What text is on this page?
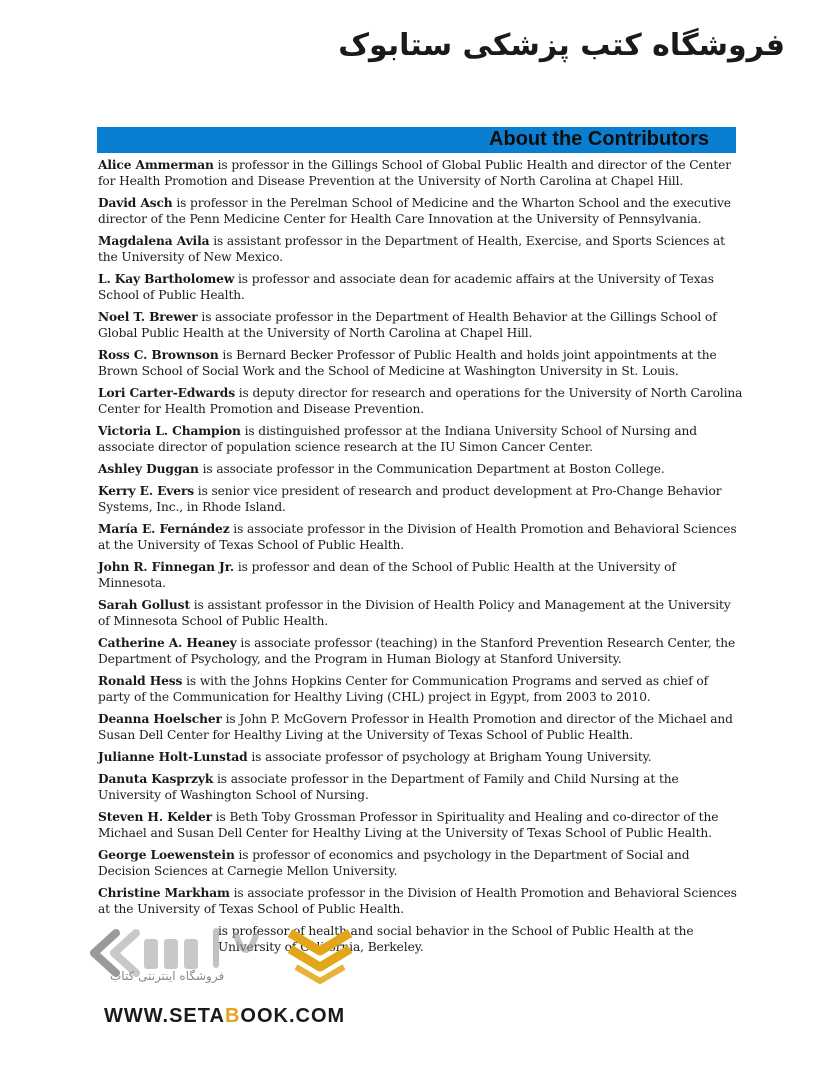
فروشگاه کتب پزشکی ستابوک
About the Contributors

Alice Ammerman is professor in the Gillings School of Global Public Health and director of the Center for Health Promotion and Disease Prevention at the University of North Carolina at Chapel Hill.

David Asch is professor in the Perelman School of Medicine and the Wharton School and the executive director of the Penn Medicine Center for Health Care Innovation at the University of Pennsylvania.

Magdalena Avila is assistant professor in the Department of Health, Exercise, and Sports Sciences at the University of New Mexico.

L. Kay Bartholomew is professor and associate dean for academic affairs at the University of Texas School of Public Health.

Noel T. Brewer is associate professor in the Department of Health Behavior at the Gillings School of Global Public Health at the University of North Carolina at Chapel Hill.

Ross C. Brownson is Bernard Becker Professor of Public Health and holds joint appointments at the Brown School of Social Work and the School of Medicine at Washington University in St. Louis.

Lori Carter-Edwards is deputy director for research and operations for the University of North Carolina Center for Health Promotion and Disease Prevention.

Victoria L. Champion is distinguished professor at the Indiana University School of Nursing and associate director of population science research at the IU Simon Cancer Center.

Ashley Duggan is associate professor in the Communication Department at Boston College.

Kerry E. Evers is senior vice president of research and product development at Pro-Change Behavior Systems, Inc., in Rhode Island.

María E. Fernández is associate professor in the Division of Health Promotion and Behavioral Sciences at the University of Texas School of Public Health.

John R. Finnegan Jr. is professor and dean of the School of Public Health at the University of Minnesota.

Sarah Gollust is assistant professor in the Division of Health Policy and Management at the University of Minnesota School of Public Health.

Catherine A. Heaney is associate professor (teaching) in the Stanford Prevention Research Center, the Department of Psychology, and the Program in Human Biology at Stanford University.

Ronald Hess is with the Johns Hopkins Center for Communication Programs and served as chief of party of the Communication for Healthy Living (CHL) project in Egypt, from 2003 to 2010.

Deanna Hoelscher is John P. McGovern Professor in Health Promotion and director of the Michael and Susan Dell Center for Healthy Living at the University of Texas School of Public Health.

Julianne Holt-Lunstad is associate professor of psychology at Brigham Young University.

Danuta Kasprzyk is associate professor in the Department of Family and Child Nursing at the University of Washington School of Nursing.

Steven H. Kelder is Beth Toby Grossman Professor in Spirituality and Healing and co-director of the Michael and Susan Dell Center for Healthy Living at the University of Texas School of Public Health.

George Loewenstein is professor of economics and psychology in the Department of Social and Decision Sciences at Carnegie Mellon University.

Christine Markham is associate professor in the Division of Health Promotion and Behavioral Sciences at the University of Texas School of Public Health.

is professor of health and social behavior in the School of Public Health at the University of California, Berkeley.

فروشگاه اینترنتی کتاب
WWW.SETABOOK.COM
